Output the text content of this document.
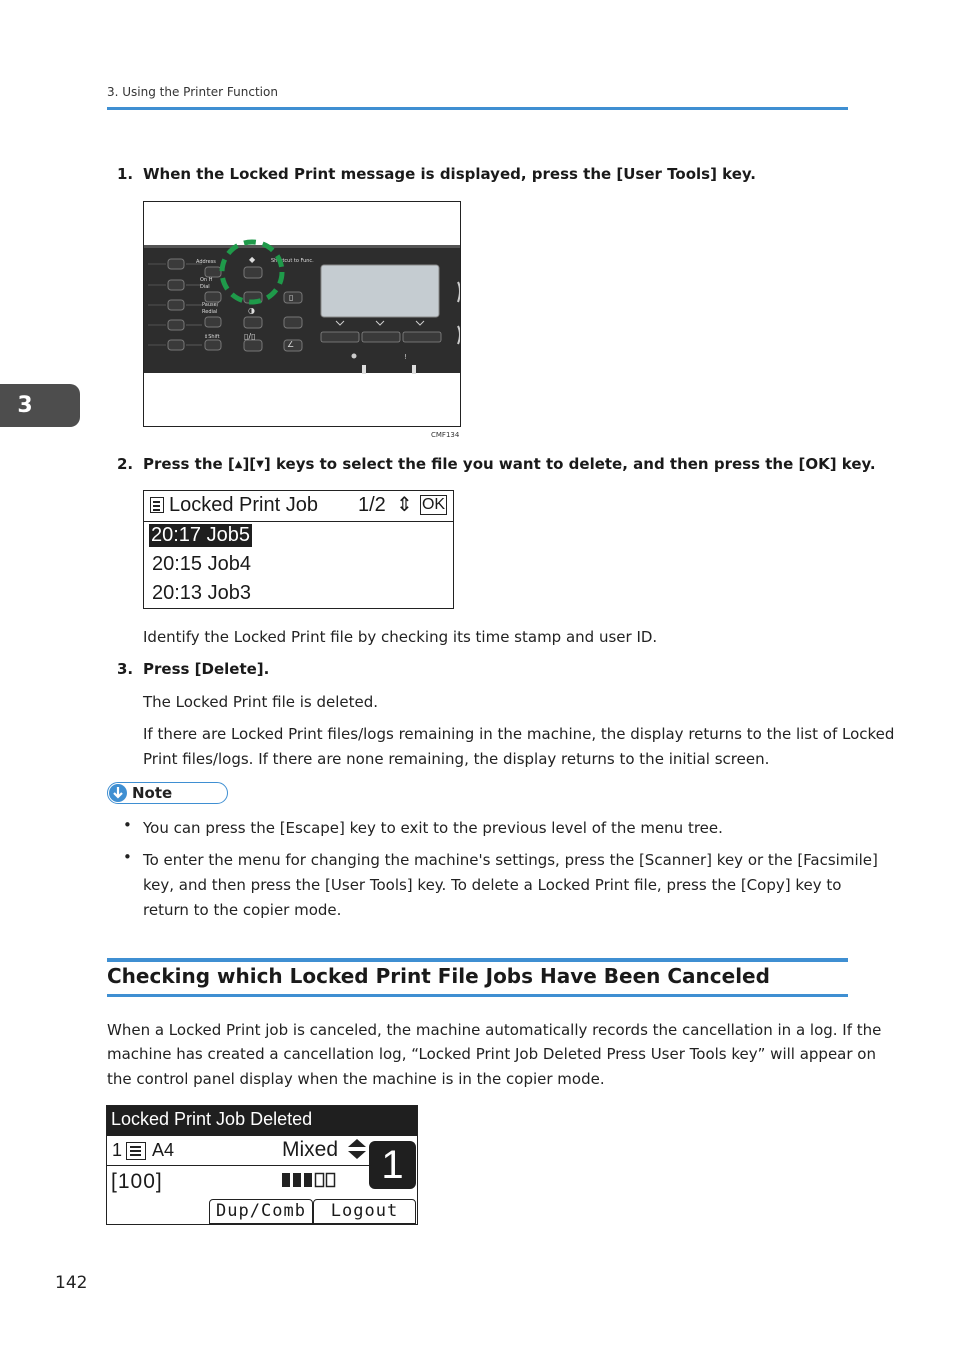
3. Using the Printer Function
3
1. When the Locked Print message is displayed, press the [User Tools] key.
!
Address
On H
Dial
Pause/
Redial
⇕Shift
Shortcut to Func.
◆
▯
◑
▯/▯
∠
CMF134
2. Press the [▲][▼] keys to select the file you want to delete, and then press the [OK] key.
Locked Print Job 1/2 ⇕ OK
20:17 Job5
20:15 Job4
20:13 Job3
Identify the Locked Print file by checking its time stamp and user ID.
3. Press [Delete].
The Locked Print file is deleted.
If there are Locked Print files/logs remaining in the machine, the display returns to the list of Locked
Print files/logs. If there are none remaining, the display returns to the initial screen.
Note
• You can press the [Escape] key to exit to the previous level of the menu tree.
• To enter the menu for changing the machine's settings, press the [Scanner] key or the [Facsimile]
key, and then press the [User Tools] key. To delete a Locked Print file, press the [Copy] key to
return to the copier mode.
Checking which Locked Print File Jobs Have Been Canceled
When a Locked Print job is canceled, the machine automatically records the cancellation in a log. If the
machine has created a cancellation log, “Locked Print Job Deleted Press User Tools key” will appear on
the control panel display when the machine is in the copier mode.
Locked Print Job Deleted
1 A4	Mixed
[100]	1
Dup/Comb	Logout
142
